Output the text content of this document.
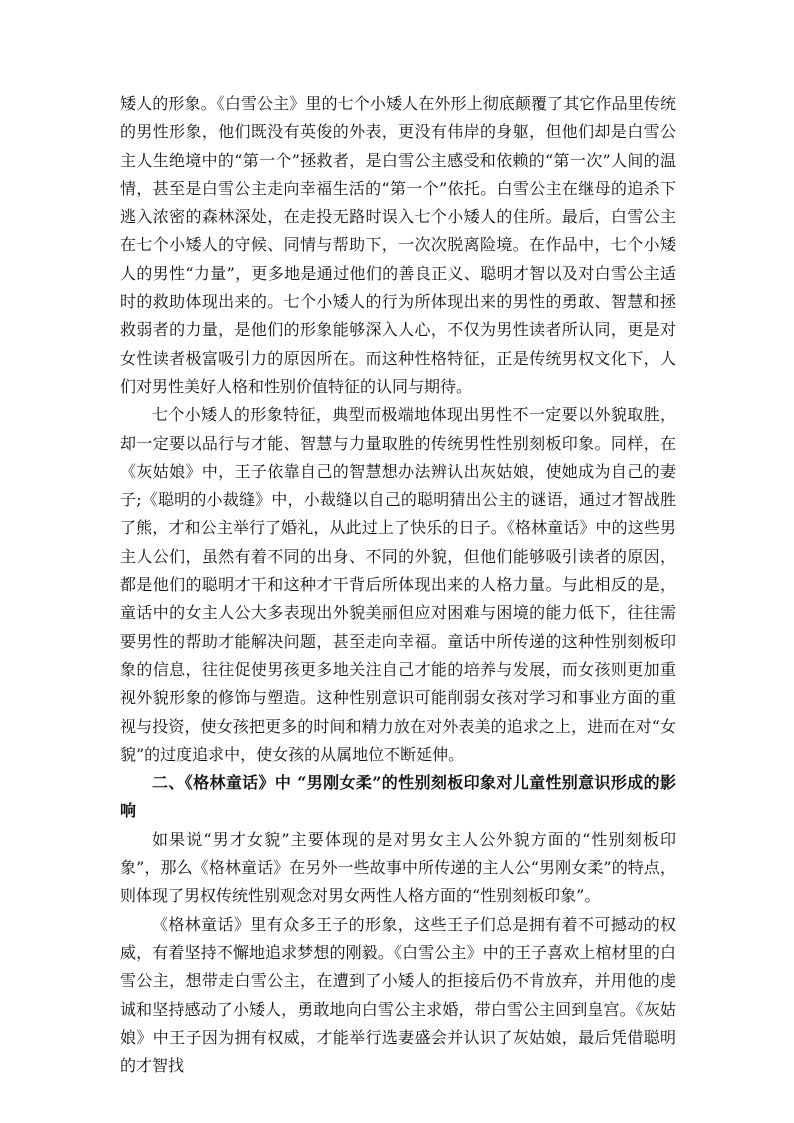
矮人的形象。《白雪公主》里的七个小矮人在外形上彻底颠覆了其它作品里传统的男性形象，他们既没有英俊的外表，更没有伟岸的身躯，但他们却是白雪公主人生绝境中的“第一个”拯救者，是白雪公主感受和依赖的“第一次”人间的温情，甚至是白雪公主走向幸福生活的“第一个”依托。白雪公主在继母的追杀下逃入浓密的森林深处，在走投无路时误入七个小矮人的住所。最后，白雪公主在七个小矮人的守候、同情与帮助下，一次次脱离险境。在作品中，七个小矮人的男性“力量”，更多地是通过他们的善良正义、聪明才智以及对白雪公主适时的救助体现出来的。七个小矮人的行为所体现出来的男性的勇敢、智慧和拯救弱者的力量，是他们的形象能够深入人心，不仅为男性读者所认同，更是对女性读者极富吸引力的原因所在。而这种性格特征，正是传统男权文化下，人们对男性美好人格和性别价值特征的认同与期待。

七个小矮人的形象特征，典型而极端地体现出男性不一定要以外貌取胜，却一定要以品行与才能、智慧与力量取胜的传统男性性别刻板印象。同样，在《灰姑娘》中，王子依靠自己的智慧想办法辨认出灰姑娘，使她成为自己的妻子;《聪明的小裁缝》中，小裁缝以自己的聪明猜出公主的谜语，通过才智战胜了熊，才和公主举行了婚礼，从此过上了快乐的日子。《格林童话》中的这些男主人公们，虽然有着不同的出身、不同的外貌，但他们能够吸引读者的原因，都是他们的聪明才干和这种才干背后所体现出来的人格力量。与此相反的是，童话中的女主人公大多表现出外貌美丽但应对困难与困境的能力低下，往往需要男性的帮助才能解决问题，甚至走向幸福。童话中所传递的这种性别刻板印象的信息，往往促使男孩更多地关注自己才能的培养与发展，而女孩则更加重视外貌形象的修饰与塑造。这种性别意识可能削弱女孩对学习和事业方面的重视与投资，使女孩把更多的时间和精力放在对外表美的追求之上，进而在对“女貌”的过度追求中，使女孩的从属地位不断延伸。

二、《格林童话》中 “男刚女柔”的性别刻板印象对儿童性别意识形成的影响

如果说“男才女貌”主要体现的是对男女主人公外貌方面的“性别刻板印象”，那么《格林童话》在另外一些故事中所传递的主人公“男刚女柔”的特点，则体现了男权传统性别观念对男女两性人格方面的“性别刻板印象”。

《格林童话》里有众多王子的形象，这些王子们总是拥有着不可撼动的权威，有着坚持不懈地追求梦想的刚毅。《白雪公主》中的王子喜欢上棺材里的白雪公主，想带走白雪公主，在遭到了小矮人的拒接后仍不肯放弃，并用他的虔诚和坚持感动了小矮人，勇敢地向白雪公主求婚，带白雪公主回到皇宫。《灰姑娘》中王子因为拥有权威，才能举行选妻盛会并认识了灰姑娘，最后凭借聪明的才智找
